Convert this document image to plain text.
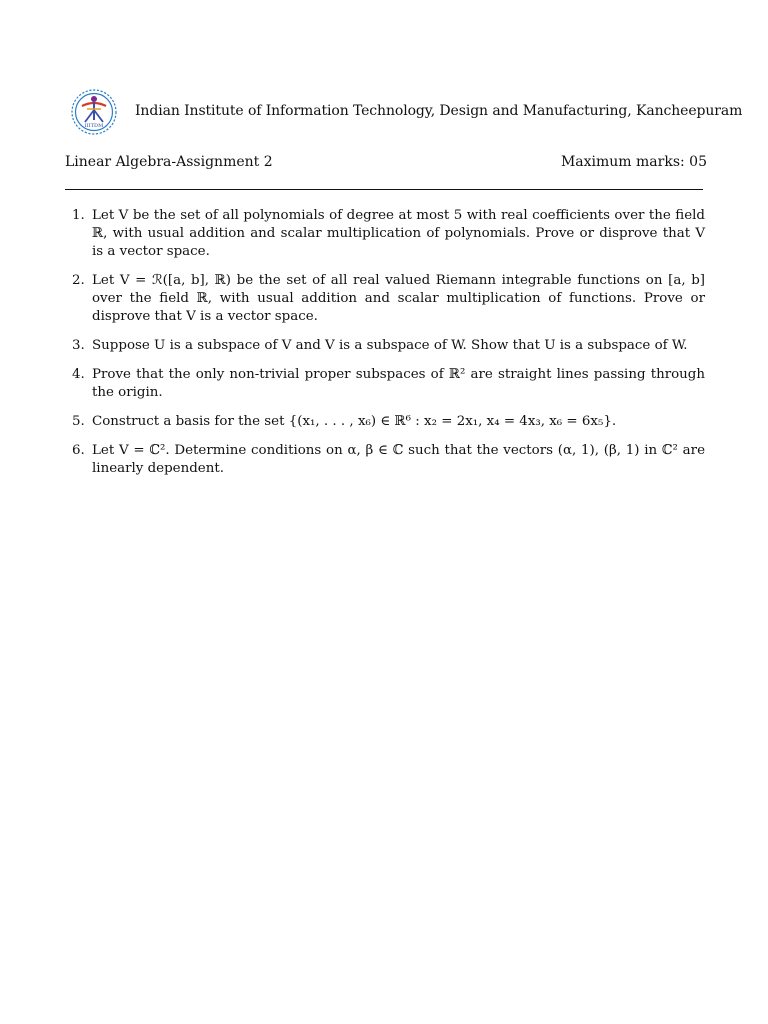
IIITDM
Indian Institute of Information Technology, Design and Manufacturing, Kancheepuram
Linear Algebra-Assignment 2	Maximum marks: 05
1. Let V be the set of all polynomials of degree at most 5 with real coefficients over the field ℝ, with usual addition and scalar multiplication of polynomials. Prove or disprove that V is a vector space.
2. Let V = ℛ([a, b], ℝ) be the set of all real valued Riemann integrable functions on [a, b] over the field ℝ, with usual addition and scalar multiplication of functions. Prove or disprove that V is a vector space.
3. Suppose U is a subspace of V and V is a subspace of W. Show that U is a subspace of W.
4. Prove that the only non-trivial proper subspaces of ℝ² are straight lines passing through the origin.
5. Construct a basis for the set {(x₁, . . . , x₆) ∈ ℝ⁶ : x₂ = 2x₁, x₄ = 4x₃, x₆ = 6x₅}.
6. Let V = ℂ². Determine conditions on α, β ∈ ℂ such that the vectors (α, 1), (β, 1) in ℂ² are linearly dependent.
